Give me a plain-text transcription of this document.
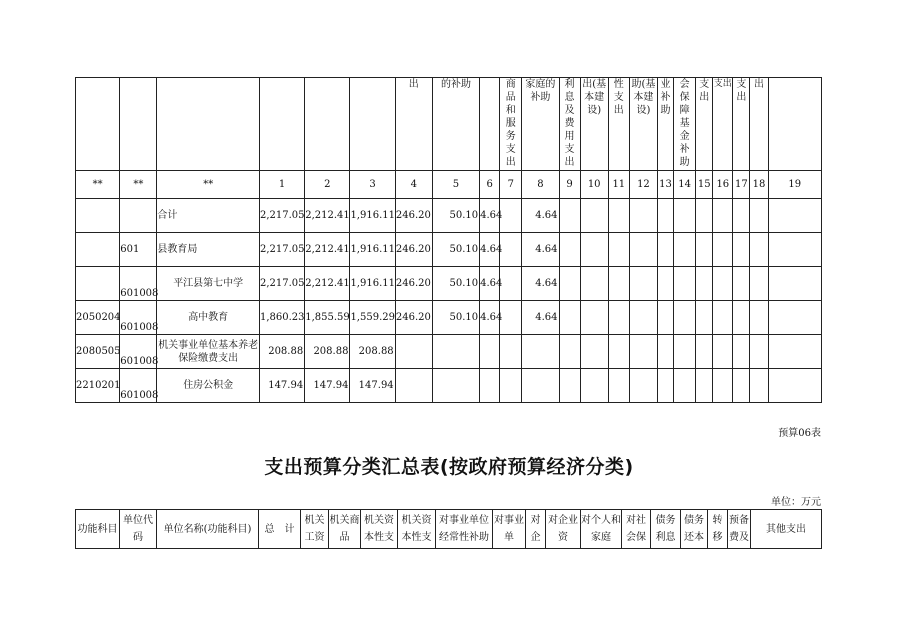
						出	的补助		商品和服务支出	家庭的补助	利息及费用支出	出(基本建设)	性支出	助(基本建设)	业补助	会保障基金补助	支出	支出	支出	出	
**	**	**	1	2	3	4	5	6	7	8	9	10	11	12	13	14	15	16	17	18	19
		合计	2,217.05	2,212.41	1,916.11	246.20	50.10	4.64		4.64											
	601	县教育局	2,217.05	2,212.41	1,916.11	246.20	50.10	4.64		4.64											
	601008	平江县第七中学	2,217.05	2,212.41	1,916.11	246.20	50.10	4.64		4.64											
2050204	601008	高中教育	1,860.23	1,855.59	1,559.29	246.20	50.10	4.64		4.64											
2080505	601008	机关事业单位基本养老保险缴费支出	208.88	208.88	208.88																
2210201	601008	住房公积金	147.94	147.94	147.94																
预算06表
支出预算分类汇总表(按政府预算经济分类)
单位：万元
功能科目	单位代码	单位名称(功能科目)	总　计	机关工资	机关商品	机关资本性支	机关资本性支	对事业单位经常性补助	对事业单	对企	对企业资	对个人和家庭	对社会保	债务利息	债务还本	转移	预备费及	其他支出
